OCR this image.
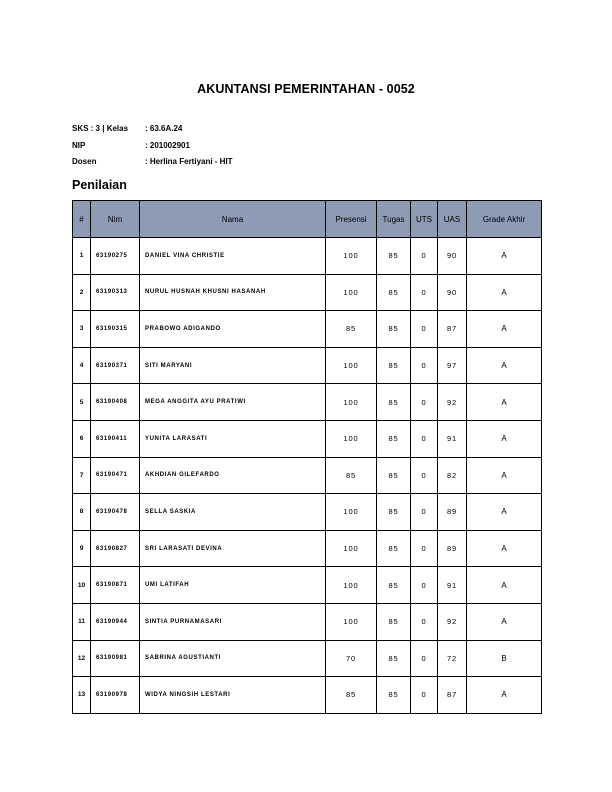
AKUNTANSI PEMERINTAHAN - 0052
SKS : 3 | Kelas	: 63.6A.24
NIP	: 201002901
Dosen	: Herlina Fertiyani - HIT
Penilaian
#	Nim	Nama	Presensi	Tugas	UTS	UAS	Grade Akhir
1	63190275	DANIEL VINA CHRISTIE	100	85	0	90	A
2	63190313	NURUL HUSNAH KHUSNI HASANAH	100	85	0	90	A
3	63190315	PRABOWO ADIGANDO	85	85	0	87	A
4	63190371	SITI MARYANI	100	85	0	97	A
5	63190408	MEGA ANGGITA AYU PRATIWI	100	85	0	92	A
6	63190411	YUNITA LARASATI	100	85	0	91	A
7	63190471	AKHDIAN GILEFARDO	85	85	0	82	A
8	63190478	SELLA SASKIA	100	85	0	89	A
9	63190827	SRI LARASATI DEVINA	100	85	0	89	A
10	63190871	UMI LATIFAH	100	85	0	91	A
11	63190944	SINTIA PURNAMASARI	100	85	0	92	A
12	63190981	SABRINA AGUSTIANTI	70	85	0	72	B
13	63190978	WIDYA NINGSIH LESTARI	85	85	0	87	A
